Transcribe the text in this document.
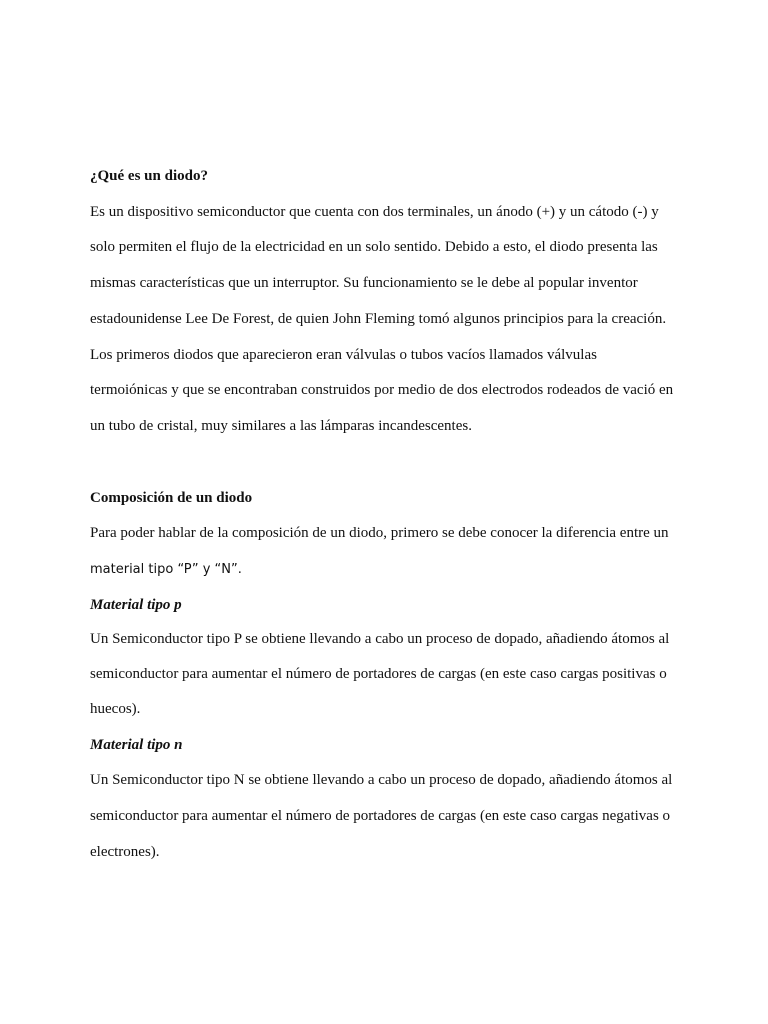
¿Qué es un diodo?
Es un dispositivo semiconductor que cuenta con dos terminales, un ánodo (+) y un cátodo (-) y
solo permiten el flujo de la electricidad en un solo sentido. Debido a esto, el diodo presenta las
mismas características que un interruptor. Su funcionamiento se le debe al popular inventor
estadounidense Lee De Forest, de quien John Fleming tomó algunos principios para la creación.
Los primeros diodos que aparecieron eran válvulas o tubos vacíos llamados válvulas
termoiónicas y que se encontraban construidos por medio de dos electrodos rodeados de vació en
un tubo de cristal, muy similares a las lámparas incandescentes.
Composición de un diodo
Para poder hablar de la composición de un diodo, primero se debe conocer la diferencia entre un
material tipo “P” y “N”.
Material tipo p
Un Semiconductor tipo P se obtiene llevando a cabo un proceso de dopado, añadiendo átomos al
semiconductor para aumentar el número de portadores de cargas (en este caso cargas positivas o
huecos).
Material tipo n
Un Semiconductor tipo N se obtiene llevando a cabo un proceso de dopado, añadiendo átomos al
semiconductor para aumentar el número de portadores de cargas (en este caso cargas negativas o
electrones).
